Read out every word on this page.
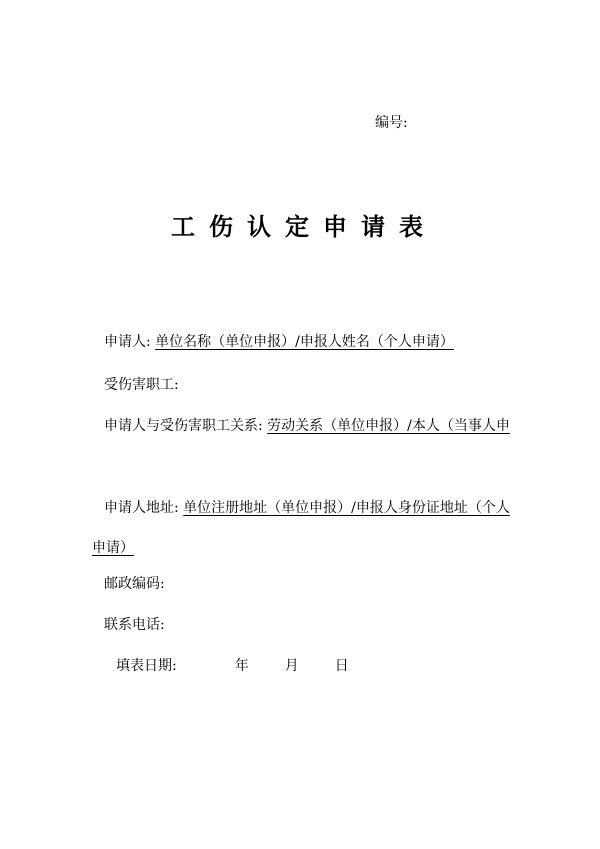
编号:
工伤认定申请表
申请人: 单位名称（单位申报）/申报人姓名（个人申请）
受伤害职工:
申请人与受伤害职工关系: 劳动关系（单位申报）/本人（当事人申
申请人地址: 单位注册地址（单位申报）/申报人身份证地址（个人申请）
邮政编码:
联系电话:
填表日期:	年	月	日
